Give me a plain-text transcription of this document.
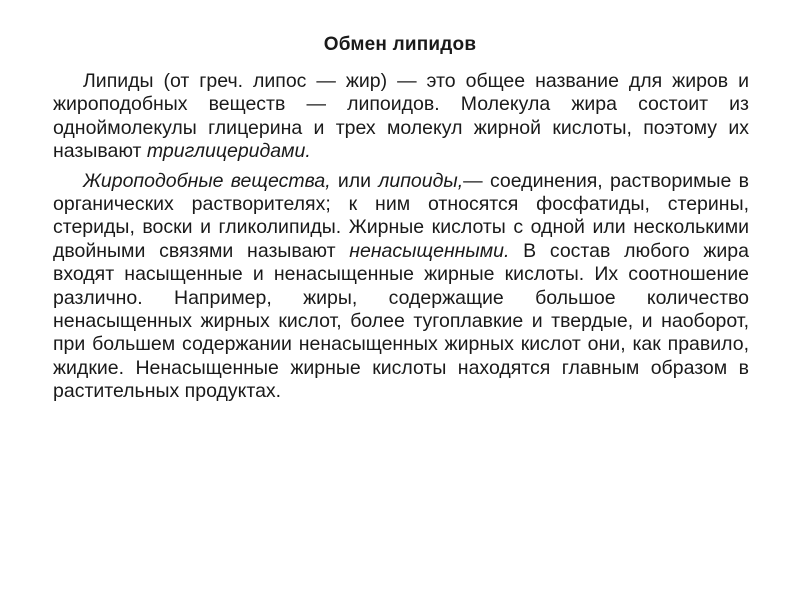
Обмен липидов

Липиды (от греч. липос — жир) — это общее название для жиров и жироподобных веществ — липоидов. Молекула жира состоит из однoймолекулы глицерина и трех молекул жирной кислоты, поэтому их называют триглицеридами.

Жироподобные вещества, или липоиды,— соединения, растворимые в органических растворителях; к ним относятся фосфатиды, стерины, стериды, воски и гликолипиды. Жирные кислоты с одной или несколькими двойными связями называют ненасыщенными. В состав любого жира входят насыщенные и ненасыщенные жирные кислоты. Их соотношение различно. Например, жиры, содержащие большое количество ненасыщенных жирных кислот, более тугоплавкие и твердые, и наоборот, при большем содержании ненасыщенных жирных кислот они, как правило, жидкие. Ненасыщенные жирные кислоты находятся главным образом в растительных продуктах.
